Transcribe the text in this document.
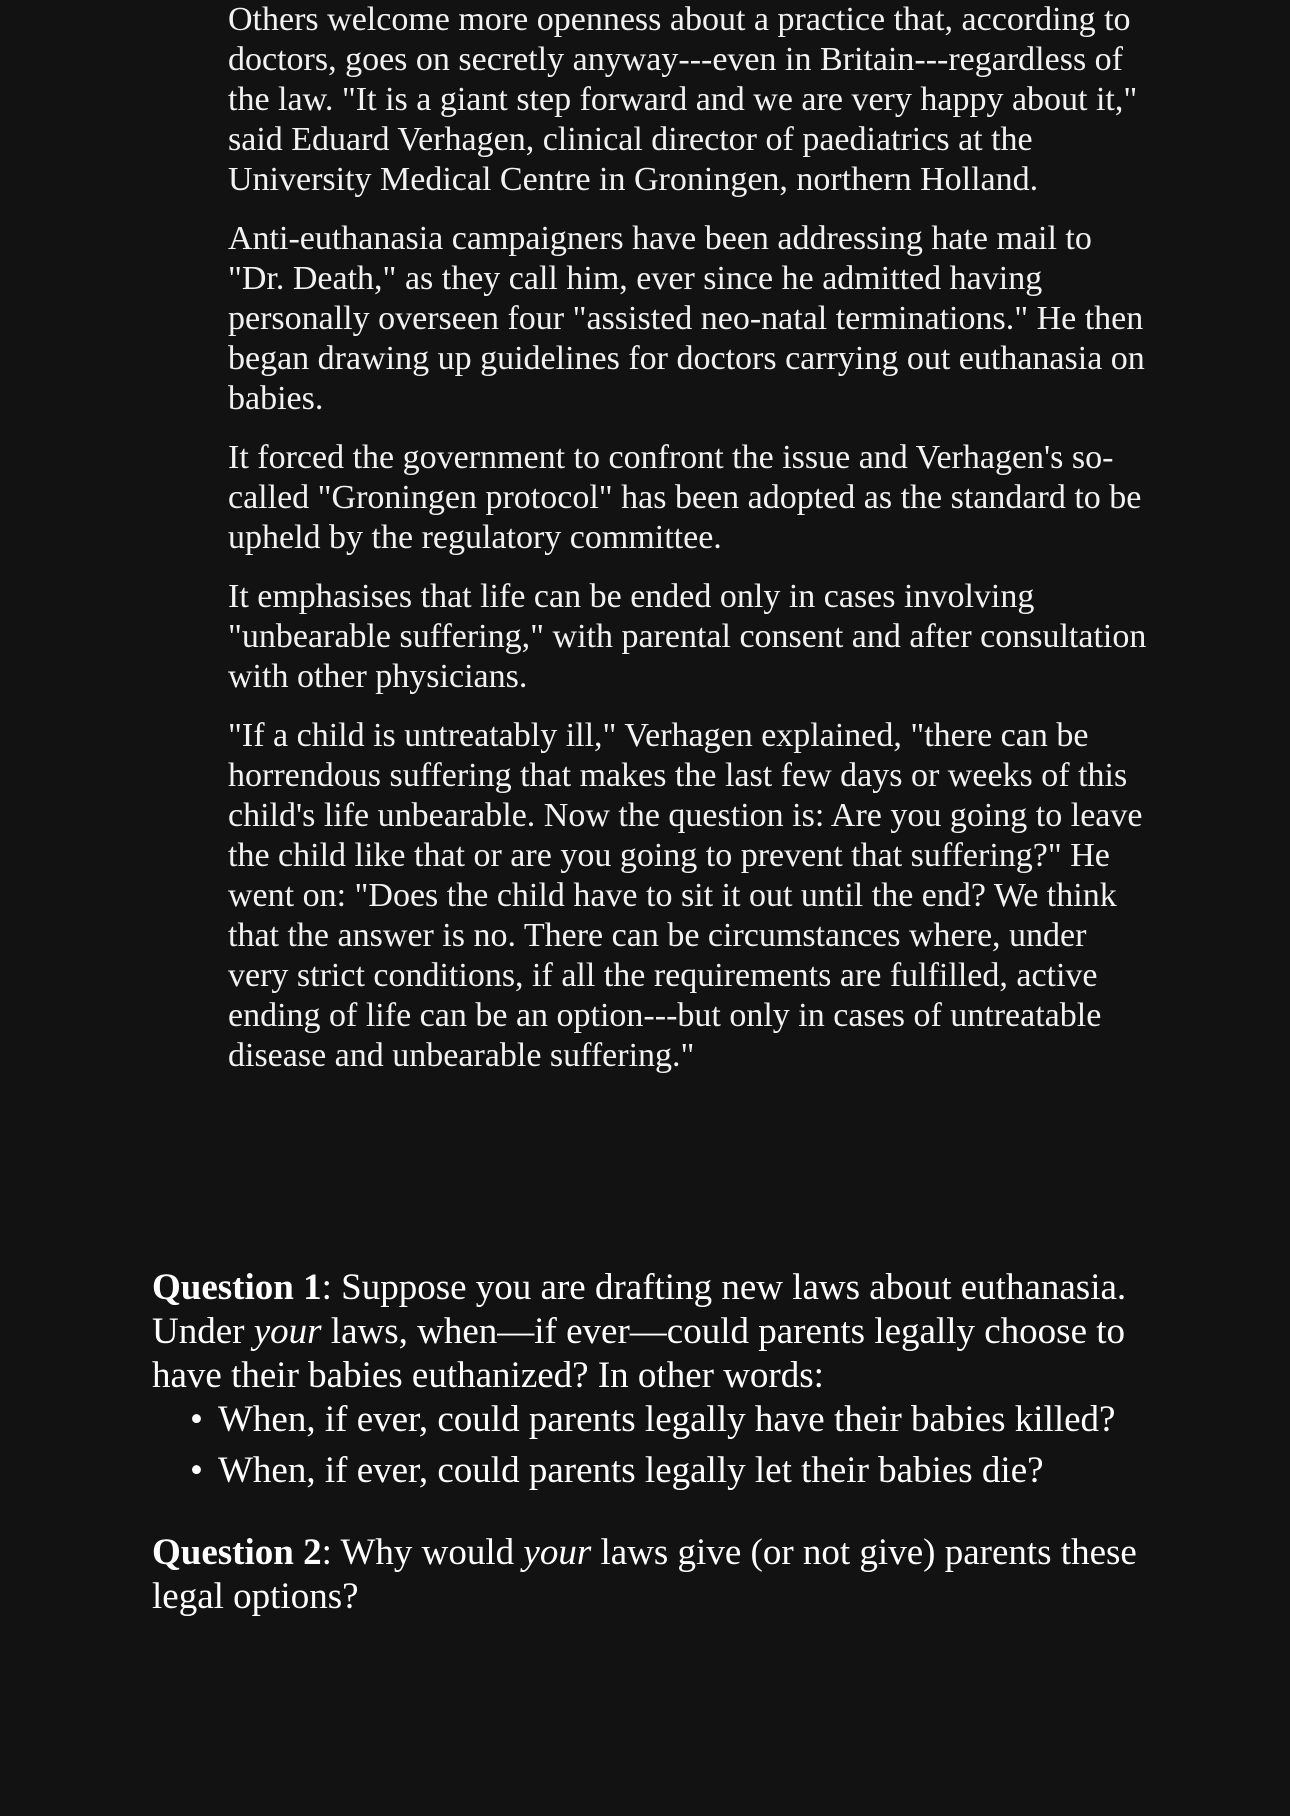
Others welcome more openness about a practice that, according to doctors, goes on secretly anyway---even in Britain---regardless of the law. "It is a giant step forward and we are very happy about it," said Eduard Verhagen, clinical director of paediatrics at the University Medical Centre in Groningen, northern Holland.

Anti-euthanasia campaigners have been addressing hate mail to "Dr. Death," as they call him, ever since he admitted having personally overseen four "assisted neo-natal terminations." He then began drawing up guidelines for doctors carrying out euthanasia on babies.

It forced the government to confront the issue and Verhagen's so-called "Groningen protocol" has been adopted as the standard to be upheld by the regulatory committee.

It emphasises that life can be ended only in cases involving "unbearable suffering," with parental consent and after consultation with other physicians.

"If a child is untreatably ill," Verhagen explained, "there can be horrendous suffering that makes the last few days or weeks of this child's life unbearable. Now the question is: Are you going to leave the child like that or are you going to prevent that suffering?" He went on: "Does the child have to sit it out until the end? We think that the answer is no. There can be circumstances where, under very strict conditions, if all the requirements are fulfilled, active ending of life can be an option---but only in cases of untreatable disease and unbearable suffering."

Question 1: Suppose you are drafting new laws about euthanasia. Under your laws, when—if ever—could parents legally choose to have their babies euthanized? In other words:

• When, if ever, could parents legally have their babies killed?
• When, if ever, could parents legally let their babies die?

Question 2: Why would your laws give (or not give) parents these legal options?
